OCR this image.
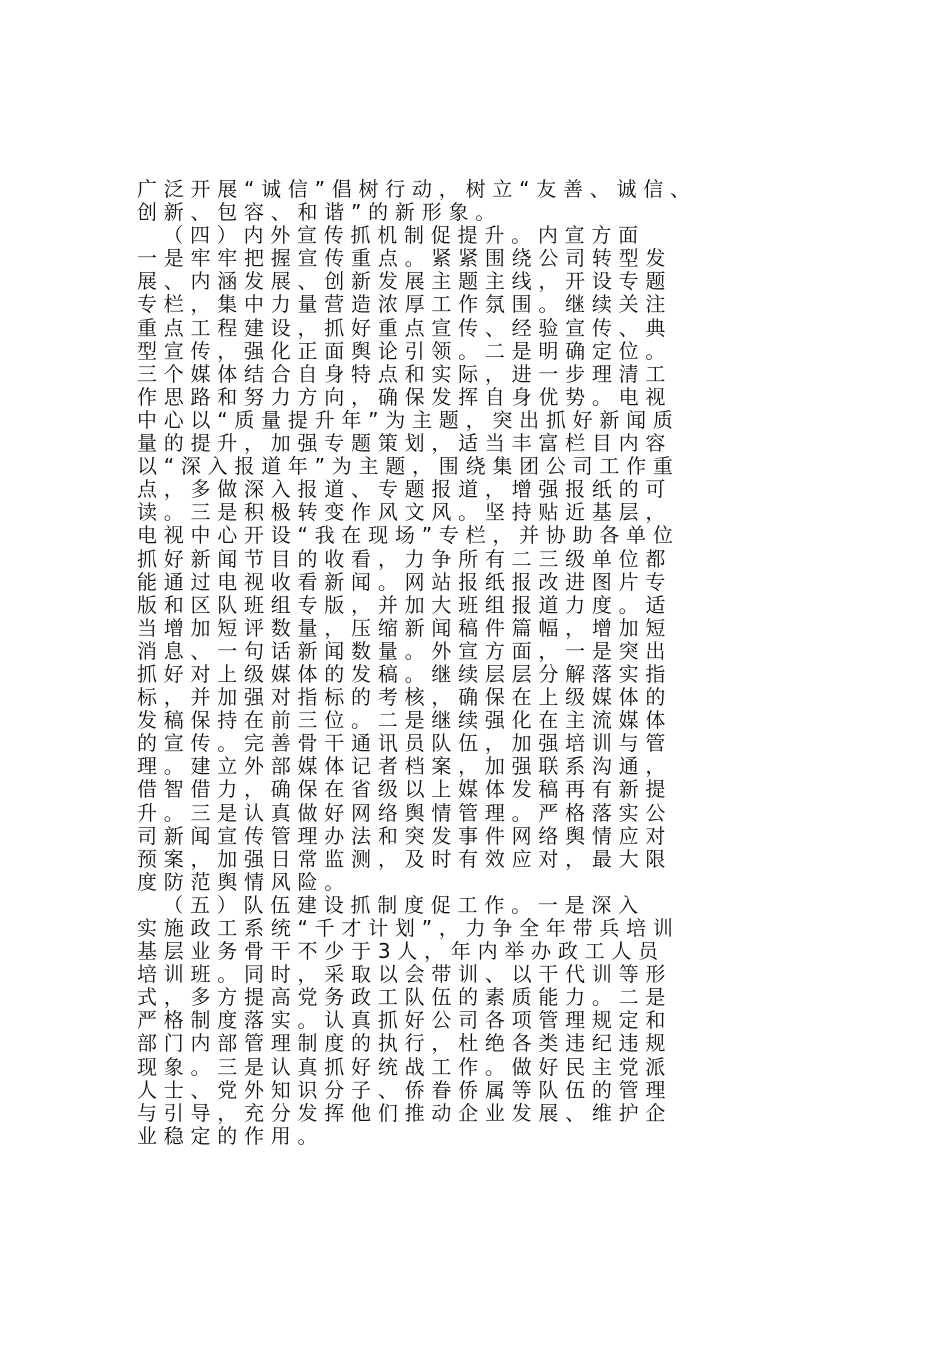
广 泛 开 展 “ 诚 信 ” 倡 树 行 动 ， 树 立 “ 友 善 、 诚 信 、
创 新 、 包 容 、 和 谐 ” 的 新 形 象 。
（ 四 ） 内 外 宣 传 抓 机 制 促 提 升 。 内 宣 方 面
一 是 牢 牢 把 握 宣 传 重 点 。 紧 紧 围 绕 公 司 转 型 发
展 、 内 涵 发 展 、 创 新 发 展 主 题 主 线 ， 开 设 专 题
专 栏 ， 集 中 力 量 营 造 浓 厚 工 作 氛 围 。 继 续 关 注
重 点 工 程 建 设 ， 抓 好 重 点 宣 传 、 经 验 宣 传 、 典
型 宣 传 ， 强 化 正 面 舆 论 引 领 。 二 是 明 确 定 位 。
三 个 媒 体 结 合 自 身 特 点 和 实 际 ， 进 一 步 理 清 工
作 思 路 和 努 力 方 向 ， 确 保 发 挥 自 身 优 势 。 电 视
中 心 以 “ 质 量 提 升 年 ” 为 主 题 ， 突 出 抓 好 新 闻 质
量 的 提 升 ， 加 强 专 题 策 划 ， 适 当 丰 富 栏 目 内 容
以 “ 深 入 报 道 年 ” 为 主 题 ， 围 绕 集 团 公 司 工 作 重
点 ， 多 做 深 入 报 道 、 专 题 报 道 ， 增 强 报 纸 的 可
读 。 三 是 积 极 转 变 作 风 文 风 。 坚 持 贴 近 基 层 ，
电 视 中 心 开 设 “ 我 在 现 场 ” 专 栏 ， 并 协 助 各 单 位
抓 好 新 闻 节 目 的 收 看 ， 力 争 所 有 二 三 级 单 位 都
能 通 过 电 视 收 看 新 闻 。 网 站 报 纸 报 改 进 图 片 专
版 和 区 队 班 组 专 版 ， 并 加 大 班 组 报 道 力 度 。 适
当 增 加 短 评 数 量 ， 压 缩 新 闻 稿 件 篇 幅 ， 增 加 短
消 息 、 一 句 话 新 闻 数 量 。 外 宣 方 面 ， 一 是 突 出
抓 好 对 上 级 媒 体 的 发 稿 。 继 续 层 层 分 解 落 实 指
标 ， 并 加 强 对 指 标 的 考 核 ， 确 保 在 上 级 媒 体 的
发 稿 保 持 在 前 三 位 。 二 是 继 续 强 化 在 主 流 媒 体
的 宣 传 。 完 善 骨 干 通 讯 员 队 伍 ， 加 强 培 训 与 管
理 。 建 立 外 部 媒 体 记 者 档 案 ， 加 强 联 系 沟 通 ，
借 智 借 力 ， 确 保 在 省 级 以 上 媒 体 发 稿 再 有 新 提
升 。 三 是 认 真 做 好 网 络 舆 情 管 理 。 严 格 落 实 公
司 新 闻 宣 传 管 理 办 法 和 突 发 事 件 网 络 舆 情 应 对
预 案 ， 加 强 日 常 监 测 ， 及 时 有 效 应 对 ， 最 大 限
度 防 范 舆 情 风 险 。
（ 五 ） 队 伍 建 设 抓 制 度 促 工 作 。 一 是 深 入
实 施 政 工 系 统 “ 千 才 计 划 ” ， 力 争 全 年 带 兵 培 训
基 层 业 务 骨 干 不 少 于 3 人 ， 年 内 举 办 政 工 人 员
培 训 班 。 同 时 ， 采 取 以 会 带 训 、 以 干 代 训 等 形
式 ， 多 方 提 高 党 务 政 工 队 伍 的 素 质 能 力 。 二 是
严 格 制 度 落 实 。 认 真 抓 好 公 司 各 项 管 理 规 定 和
部 门 内 部 管 理 制 度 的 执 行 ， 杜 绝 各 类 违 纪 违 规
现 象 。 三 是 认 真 抓 好 统 战 工 作 。 做 好 民 主 党 派
人 士 、 党 外 知 识 分 子 、 侨 眷 侨 属 等 队 伍 的 管 理
与 引 导 ， 充 分 发 挥 他 们 推 动 企 业 发 展 、 维 护 企
业 稳 定 的 作 用 。
